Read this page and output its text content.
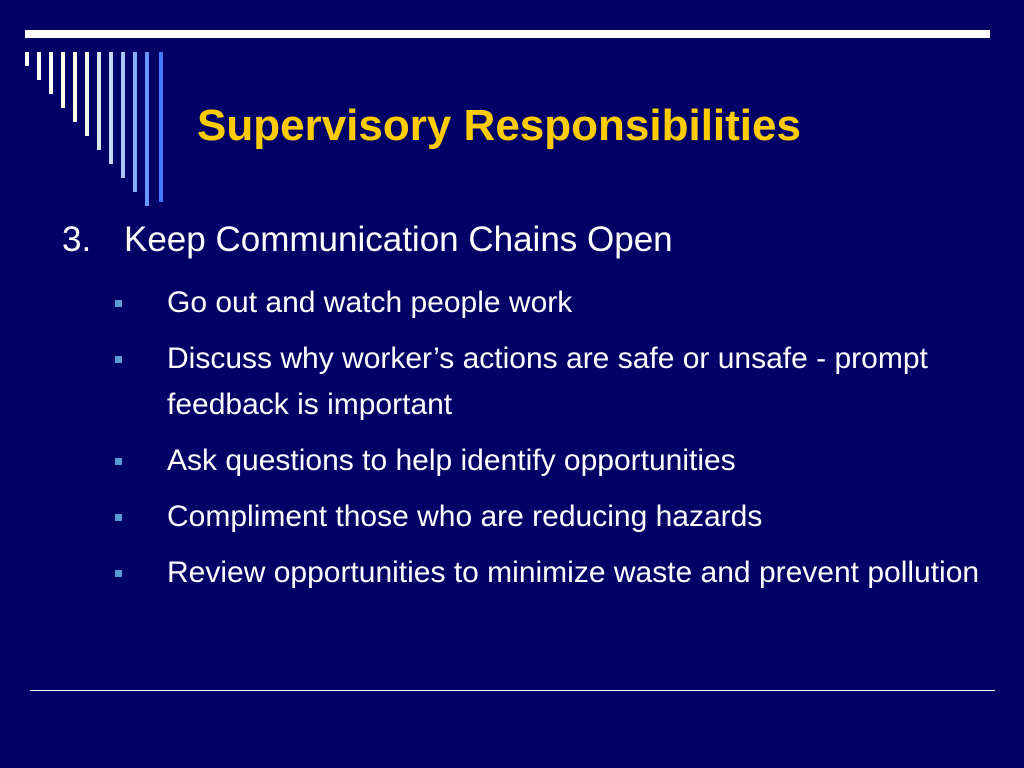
Supervisory Responsibilities
3. Keep Communication Chains Open
Go out and watch people work
Discuss why worker’s actions are safe or unsafe - prompt feedback is important
Ask questions to help identify opportunities
Compliment those who are reducing hazards
Review opportunities to minimize waste and prevent pollution
